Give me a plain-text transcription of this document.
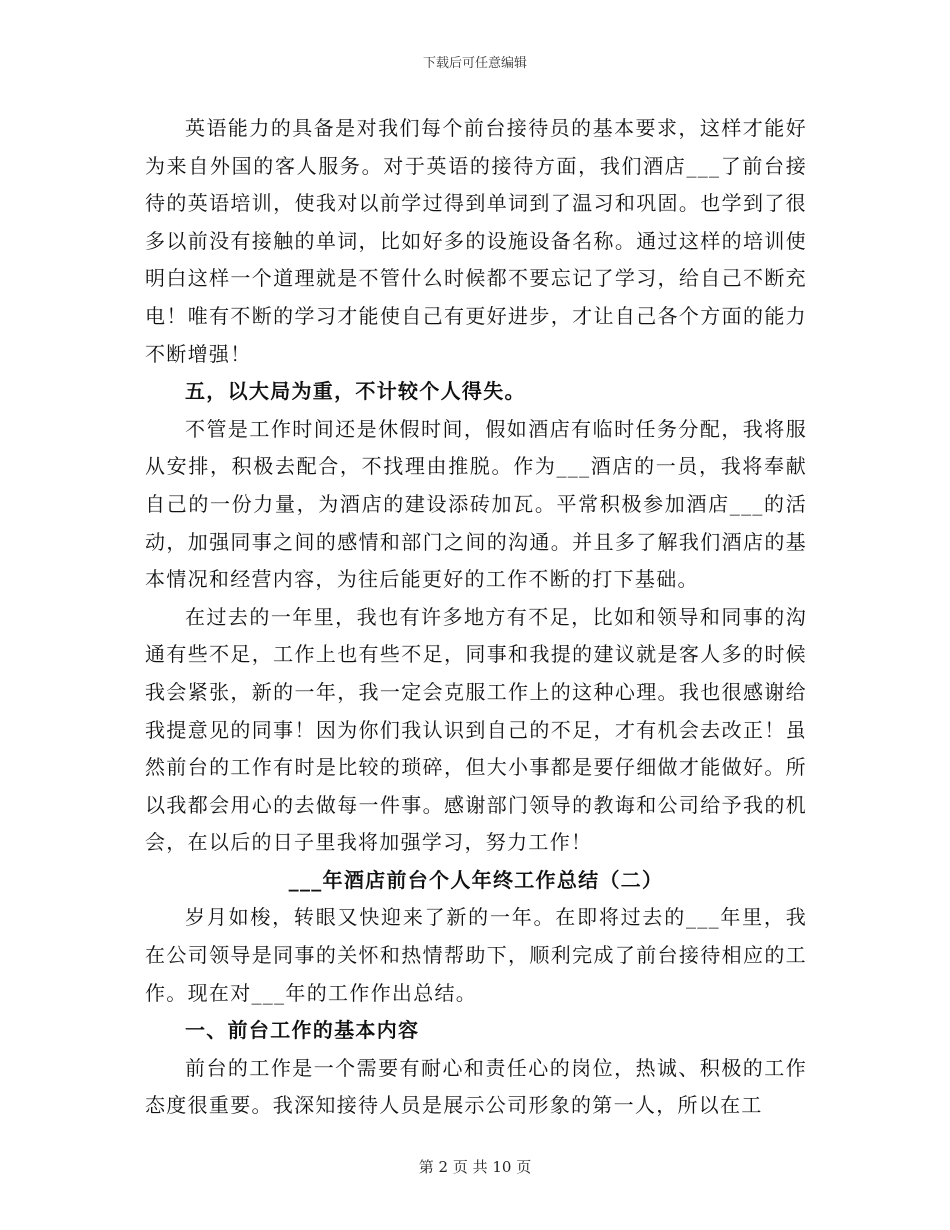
下载后可任意编辑

英语能力的具备是对我们每个前台接待员的基本要求，这样才能好为来自外国的客人服务。对于英语的接待方面，我们酒店___了前台接待的英语培训，使我对以前学过得到单词到了温习和巩固。也学到了很多以前没有接触的单词，比如好多的设施设备名称。通过这样的培训使明白这样一个道理就是不管什么时候都不要忘记了学习，给自己不断充电！唯有不断的学习才能使自己有更好进步，才让自己各个方面的能力不断增强！

五，以大局为重，不计较个人得失。

不管是工作时间还是休假时间，假如酒店有临时任务分配，我将服从安排，积极去配合，不找理由推脱。作为___酒店的一员，我将奉献自己的一份力量，为酒店的建设添砖加瓦。平常积极参加酒店___的活动，加强同事之间的感情和部门之间的沟通。并且多了解我们酒店的基本情况和经营内容，为往后能更好的工作不断的打下基础。

在过去的一年里，我也有许多地方有不足，比如和领导和同事的沟通有些不足，工作上也有些不足，同事和我提的建议就是客人多的时候我会紧张，新的一年，我一定会克服工作上的这种心理。我也很感谢给我提意见的同事！因为你们我认识到自己的不足，才有机会去改正！虽然前台的工作有时是比较的琐碎，但大小事都是要仔细做才能做好。所以我都会用心的去做每一件事。感谢部门领导的教诲和公司给予我的机会，在以后的日子里我将加强学习，努力工作！

___年酒店前台个人年终工作总结（二）

岁月如梭，转眼又快迎来了新的一年。在即将过去的___年里，我在公司领导是同事的关怀和热情帮助下，顺利完成了前台接待相应的工作。现在对___年的工作作出总结。

一、前台工作的基本内容

前台的工作是一个需要有耐心和责任心的岗位，热诚、积极的工作态度很重要。我深知接待人员是展示公司形象的第一人，所以在工

第 2 页 共 10 页
